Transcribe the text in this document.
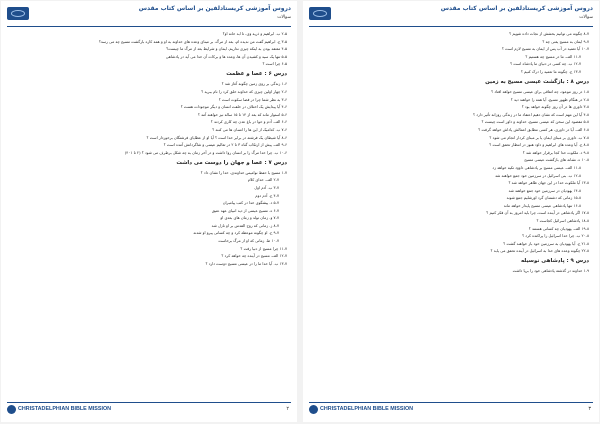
دروس آموزشی کریستادلفین بر اساس کتاب مقدس
سوالات
۲-۵ ب. ابراهیم و ذریه وی، تا ابد خانه او؟
۳-۵ ج. ابراهیم گفت من ندیده ام، بعد از مرگ، بر مبنای وعده های خداوند به او و همه کاره بارگشت مسیح چه می رسد؟
۴-۵ معتقد بودن به اینکه چیزی نداریم، ایمان و شرایط بعد از مرگ ما چیست؟
۵-۵ تنها یک سید و کشیدن آن ها، وعده ها و برکات آن خدا می آید در پادشاهی
۶-۵ چرا است ؟
درس ۶ : عصا و عظمت
۱-۶ زندگی بر روی زمین چگونه آغاز شد ؟
۲-۶ چهار اولین چیزی که خداوند خلق کرد را نام ببرید ؟
۳-۶ به نظر شما چرا در فضا سکوت است ؟
۴-۶ آیا پیدایش یک اختلاف در خلقت انسان و دیگر موجودات هست ؟
۵-۶ استوار ماند که بعد از ۱۴ تا ۱۵ ساله نیز خواهند آمد ؟
۶-۶ الف. آدم و حوا در باغ عدن چه کاری کردند ؟
۷-۶ ب. کدامیک از این ها را انسان ها می کنند ؟
۸-۶ آیا شیطان یک فرشته در برابر خدا است ؟ آیا او از عطایای فرشتگان برخوردار است ؟
۹-۶ الف. پیش از ارتکاب گناه ۳ تا ۲ در تعالیم عیسی و شاگردانش آمده است ؟
۱۰-۶ ب. چرا خدا مرگ را بر انسان روا داشت و در آخر زمان به چه شکل برطرف می شود ؟ (۲ تا ۴۰۱)
درس ۷ : عصا و جهان را دوست می داشت
۱-۷ مسیح با حفظ نوامیس خداوندی، خدا را نشان داد ؟
۲-۷ الف. خدای کلام
۳-۷ ب. آدم اول
۴-۷ ج. آدم دوم
۵-۷ د. پیشگوی خدا در کتب پیامبران
۶-۷ ه. مسیح عیسی از دید انبیای عهد عتیق
۷-۷ و. زمان تولد و زمان های بعدی او
۸-۷ ز. زمانی که روح القدس بر او نازل شد
۹-۷ ح. او چگونه موعظه کرد و چه کسانی پیرو او شدند
۱۰-۷ ط. زمانی که او از مرگ برخاست
۱۱-۷ چرا مسیح از دنیا رفت ؟
۱۲-۷ الف. مسیح در آینده چه خواهد کرد ؟
۱۳-۷ ب. آیا خدا ما را در عیسی مسیح دوست دارد ؟
CHRISTADELPHIAN BIBLE MISSION	۲
دروس آموزشی کریستادلفین بر اساس کتاب مقدس
سوالات
۸-۷ چگونه می توانیم بخشش از نجات داده شویم ؟
۹-۷ ایمان به مسیح یعنی چه ؟
۱۰-۷ آیا تعمید در آب پس از ایمان به مسیح لازم است ؟
۱۱-۷ الف. ما در مسیح چه هستیم ؟
۱۲-۷ ب. چه کسی در دنیای ما پادشاه است ؟
۱۳-۷ ج. چگونه ما تعمید را درک کنیم ؟
درس ۸ : بازگشت عیسی مسیح به زمین
۱-۸ در روز موعود، چه اتفاقی برای عیسی مسیح خواهد افتاد ؟
۲-۸ در هنگام ظهور مسیح، آیا همه را خواهند دید ؟
۳-۸ داوری ها در آن روز چگونه خواهد بود ؟
۴-۸ آیا این مهم است که نشان دهیم اعتقاد ما در زندگی روزانه تأثیر دارد ؟
۵-۸ مقصود این سخن که عیسی مسیح، خداوند و داور است چیست ؟
۶-۸ الف. آیا در داوری، هر کسی مطابق اعمالش پاداش خواهد گرفت ؟
۷-۸ ب. داوری بر مبنای ایمان یا بر مبنای کردار انجام می شود ؟
۸-۸ ج. آیا وعده های ابراهیم و داود هنوز در انتظار تحقق است ؟
۹-۸ د. ملکوت خدا کجا برقرار خواهد شد ؟
۱۰-۸ ه. نشانه های بازگشت عیسی مسیح
۱۱-۸ الف. عیسی مسیح بر پادشاهی داوود تکیه خواهد زد
۱۲-۸ ب. بنی اسرائیل در سرزمین خود جمع خواهند شد
۱۳-۸ آیا ملکوت خدا در این جهان ظاهر خواهد شد ؟
۱۴-۸ یهودیان در سرزمین خود جمع خواهند شد
۱۵-۸ زمانی که دشمنان گرد اورشلیم جمع شوند
۱۶-۸ تنها پادشاهی عیسی مسیح پایدار خواهد ماند
۱۷-۸ اگر پادشاهی در آینده است، چرا باید امروز به آن فکر کنیم ؟
۱۸-۸ پادشاهی اسرائیل کجاست ؟
۱۹-۸ الف. یهودیان چه کسانی هستند ؟
۲۰-۸ ب. چرا خدا اسرائیل را پراکنده کرد ؟
۲۱-۸ ج. آیا یهودیان به سرزمین خود باز خواهند گشت ؟
۲۲-۸ چگونه وعده های خدا به اسرائیل در آینده تحقق می یابد ؟
درس ۹ : پادشاهی نوسیله
۱-۹ خداوند در گذشته پادشاهی خود را برپا داشت
CHRISTADELPHIAN BIBLE MISSION	۳
